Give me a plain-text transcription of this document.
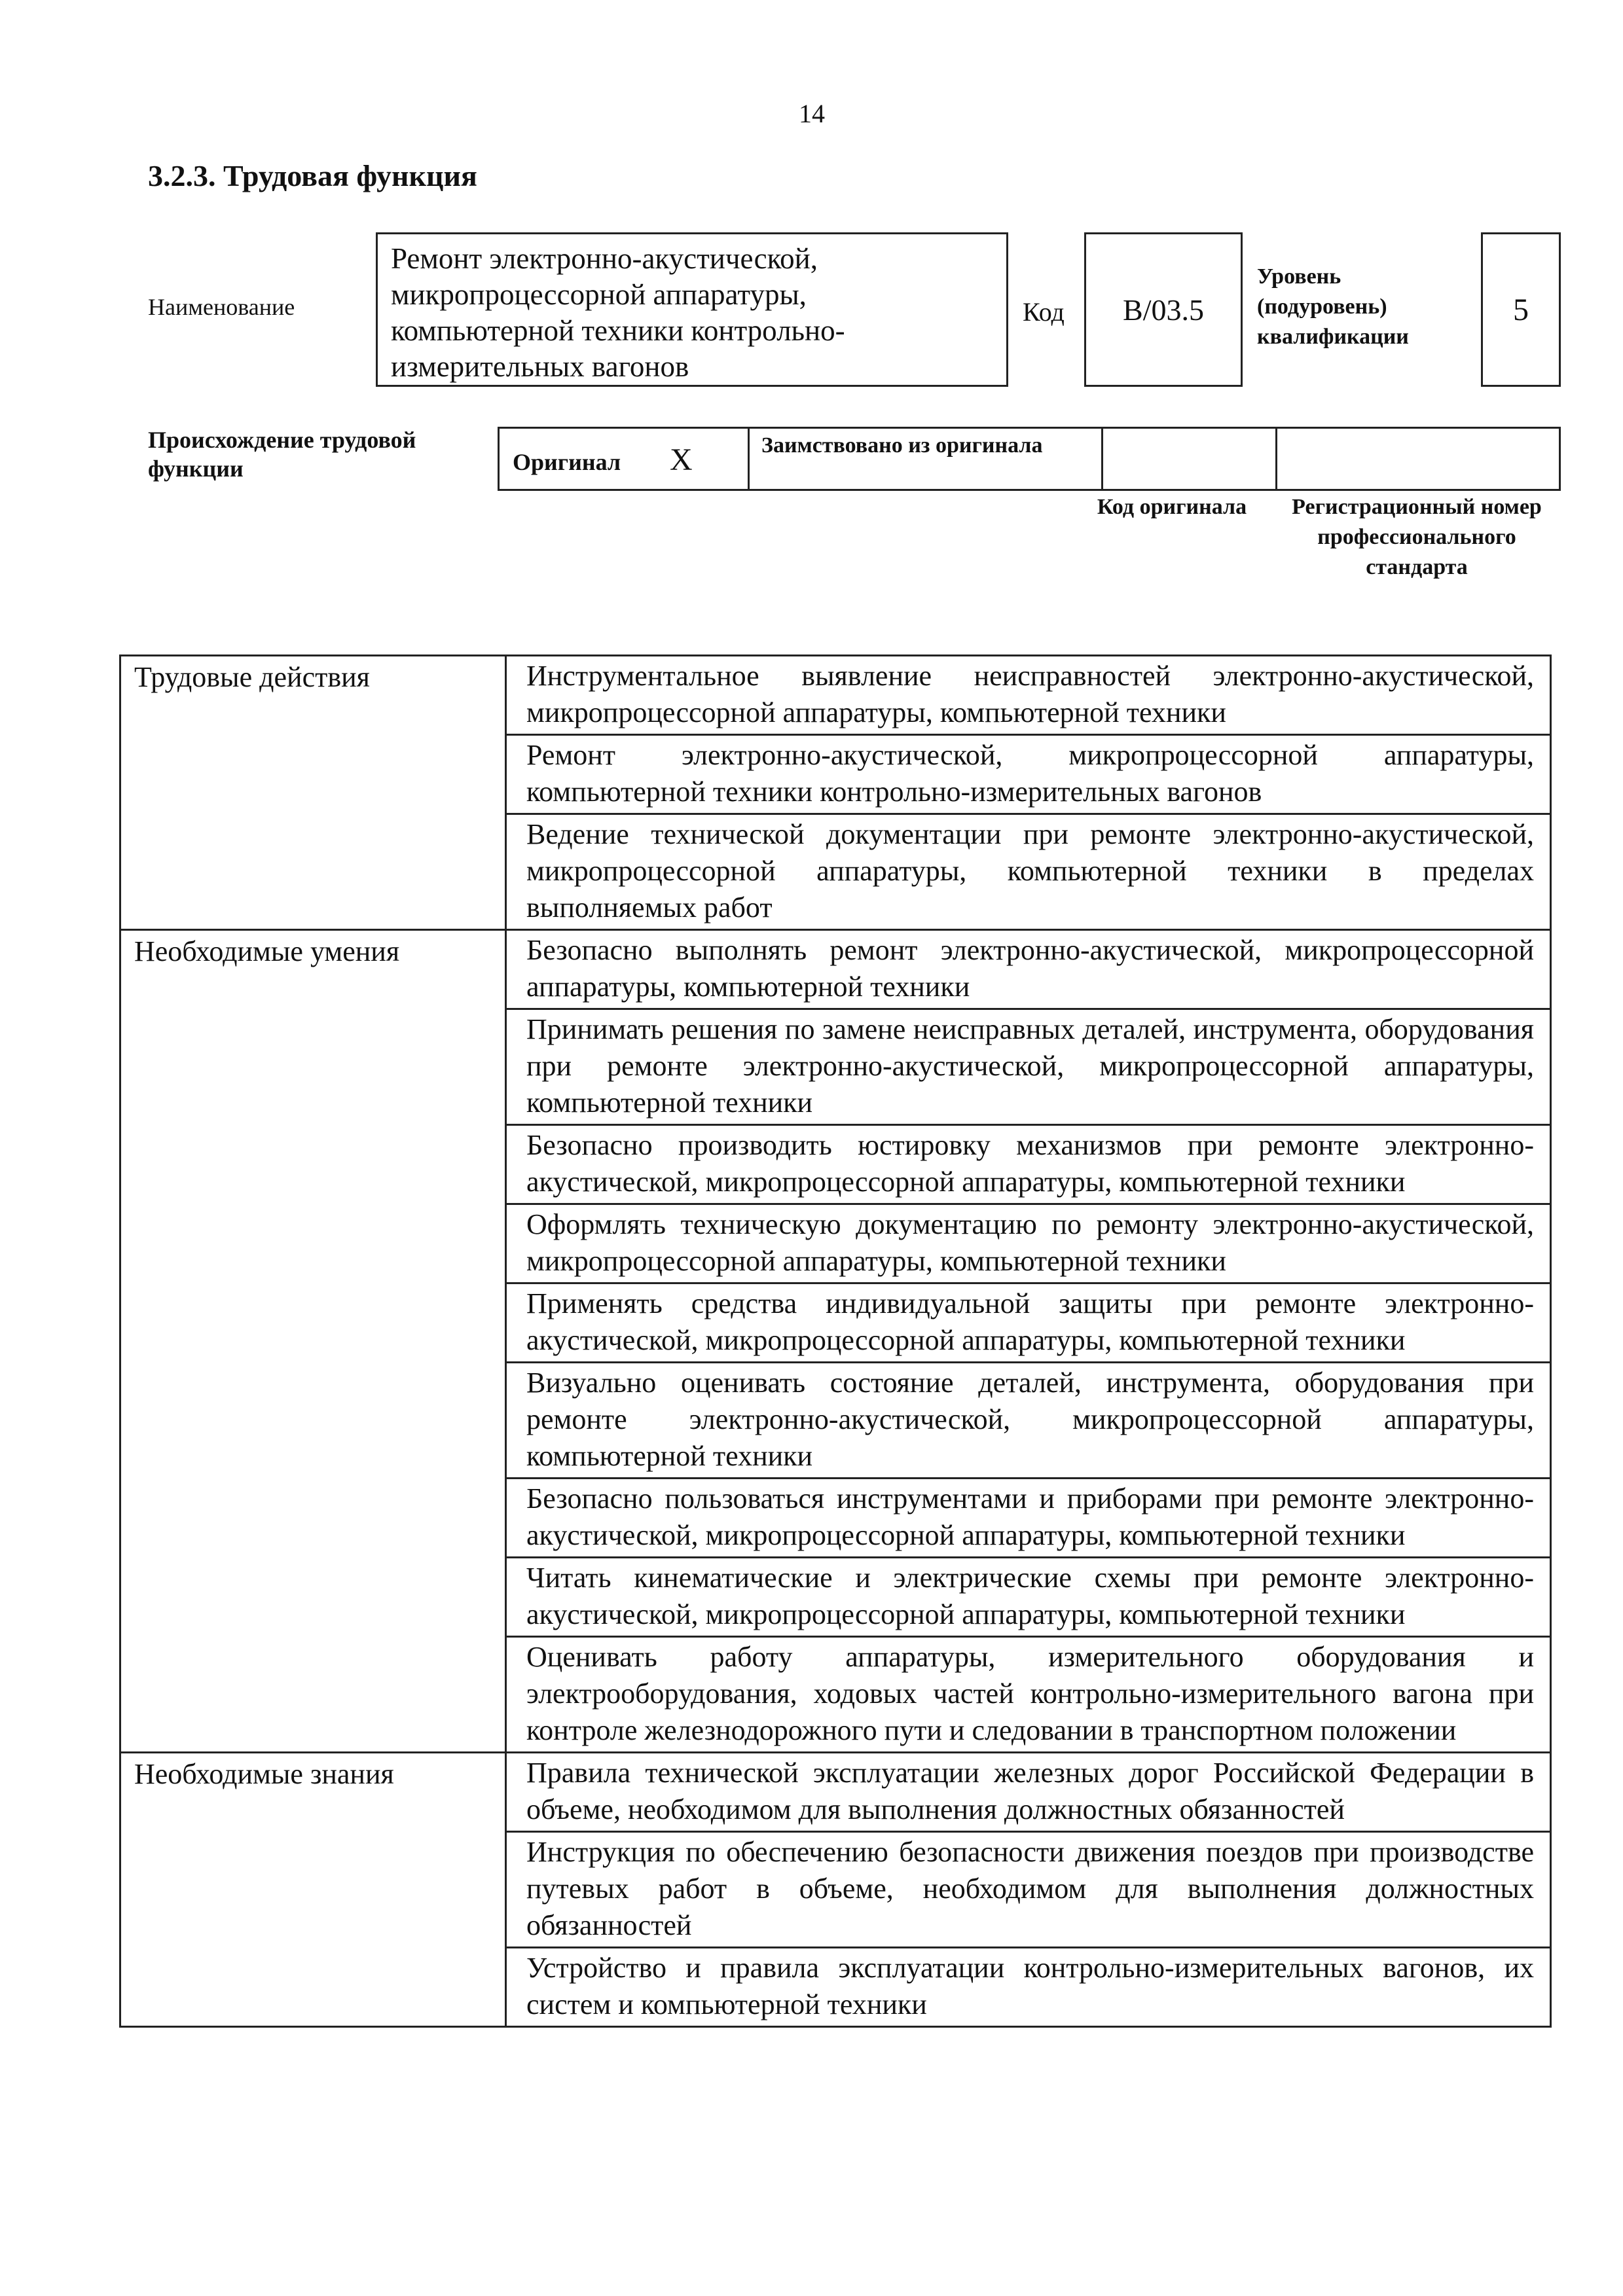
14
3.2.3. Трудовая функция
Наименование
Ремонт электронно-акустической, микропроцессорной аппаратуры, компьютерной техники контрольно-измерительных вагонов
Код	B/03.5
Уровень (подуровень) квалификации
5
Происхождение трудовой функции	Оригинал X	Заимствовано из оригинала
Код оригинала	Регистрационный номер профессионального стандарта
Трудовые действия	Инструментальное выявление неисправностей электронно-акустической, микропроцессорной аппаратуры, компьютерной техники
	Ремонт электронно-акустической, микропроцессорной аппаратуры, компьютерной техники контрольно-измерительных вагонов
	Ведение технической документации при ремонте электронно-акустической, микропроцессорной аппаратуры, компьютерной техники в пределах выполняемых работ
Необходимые умения	Безопасно выполнять ремонт электронно-акустической, микропроцессорной аппаратуры, компьютерной техники
	Принимать решения по замене неисправных деталей, инструмента, оборудования при ремонте электронно-акустической, микропроцессорной аппаратуры, компьютерной техники
	Безопасно производить юстировку механизмов при ремонте электронно-акустической, микропроцессорной аппаратуры, компьютерной техники
	Оформлять техническую документацию по ремонту электронно-акустической, микропроцессорной аппаратуры, компьютерной техники
	Применять средства индивидуальной защиты при ремонте электронно-акустической, микропроцессорной аппаратуры, компьютерной техники
	Визуально оценивать состояние деталей, инструмента, оборудования при ремонте электронно-акустической, микропроцессорной аппаратуры, компьютерной техники
	Безопасно пользоваться инструментами и приборами при ремонте электронно-акустической, микропроцессорной аппаратуры, компьютерной техники
	Читать кинематические и электрические схемы при ремонте электронно-акустической, микропроцессорной аппаратуры, компьютерной техники
	Оценивать работу аппаратуры, измерительного оборудования и электрооборудования, ходовых частей контрольно-измерительного вагона при контроле железнодорожного пути и следовании в транспортном положении
Необходимые знания	Правила технической эксплуатации железных дорог Российской Федерации в объеме, необходимом для выполнения должностных обязанностей
	Инструкция по обеспечению безопасности движения поездов при производстве путевых работ в объеме, необходимом для выполнения должностных обязанностей
	Устройство и правила эксплуатации контрольно-измерительных вагонов, их систем и компьютерной техники
